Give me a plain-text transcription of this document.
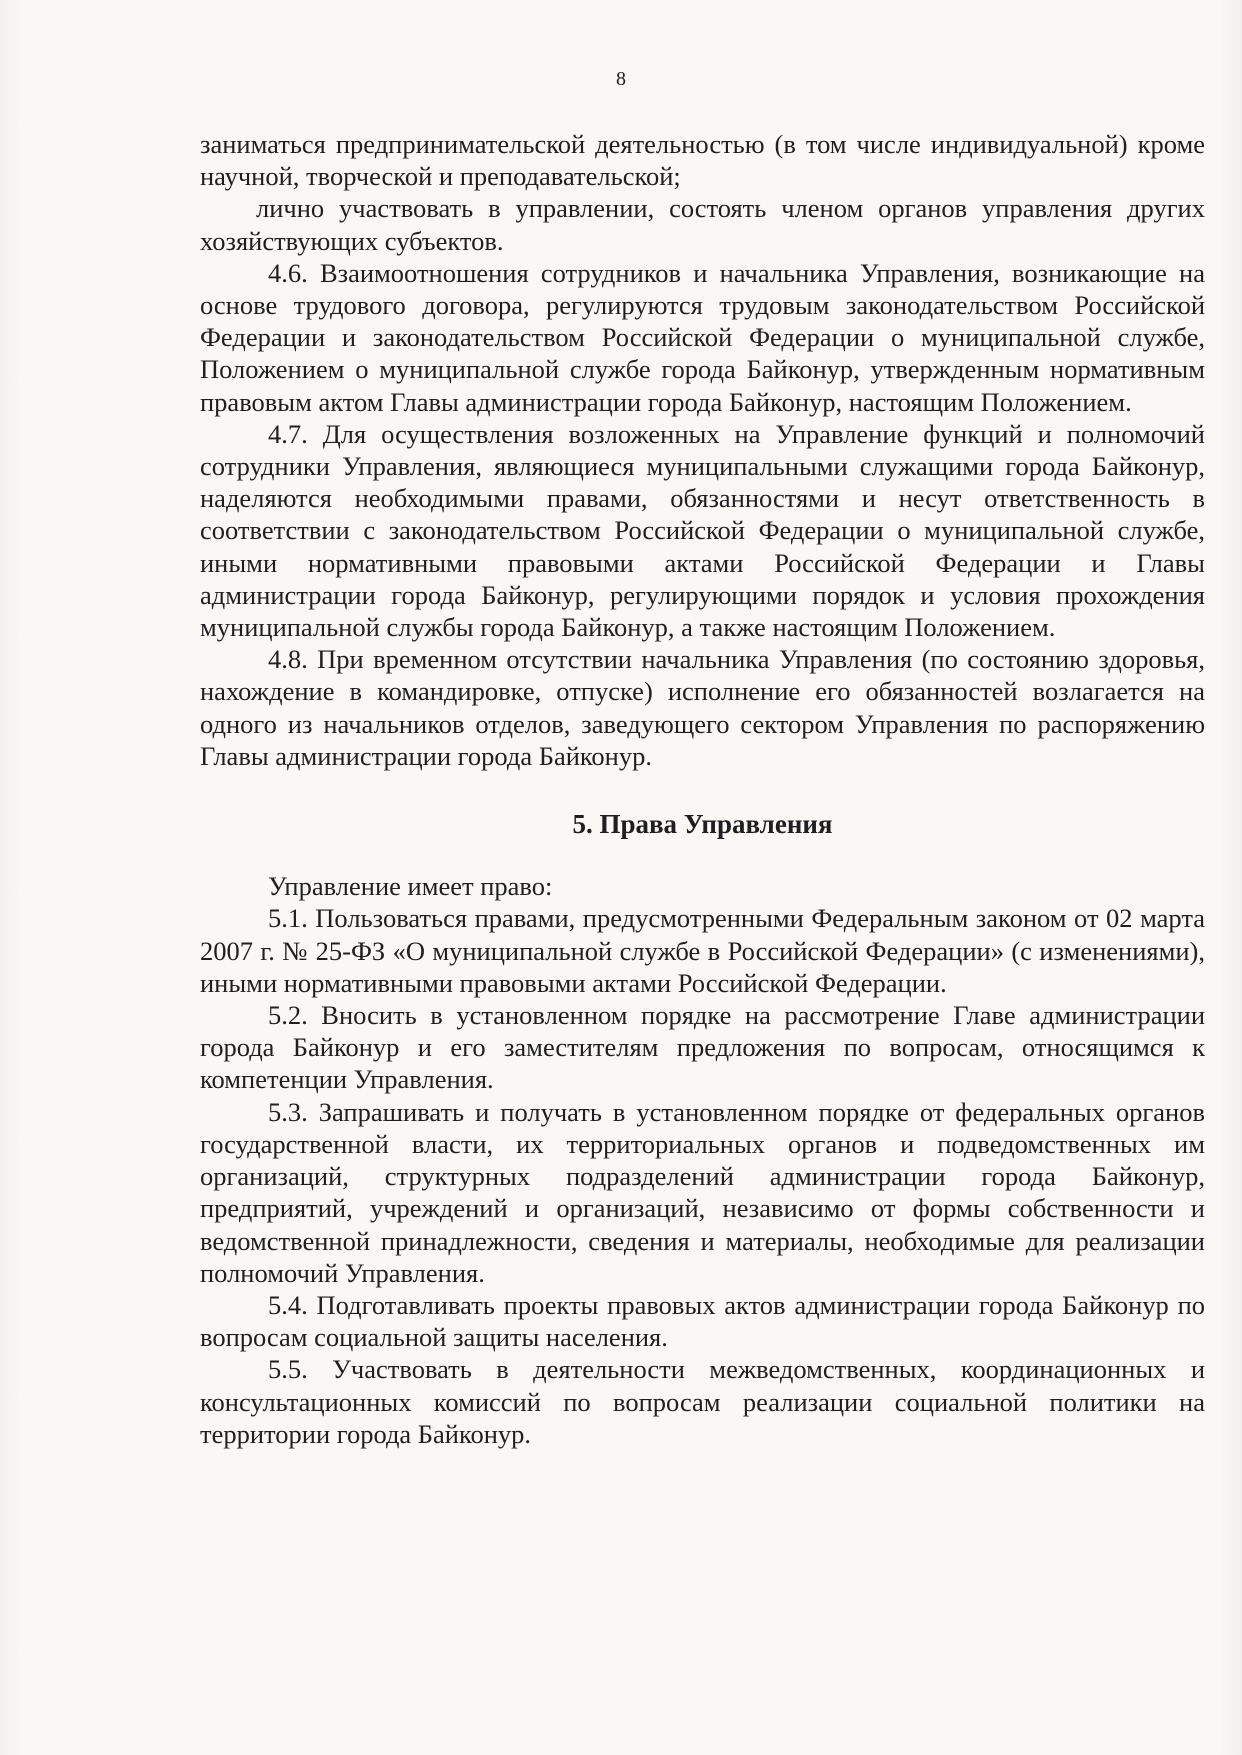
8

заниматься предпринимательской деятельностью (в том числе индивидуальной) кроме научной, творческой и преподавательской;

лично участвовать в управлении, состоять членом органов управления других хозяйствующих субъектов.

4.6. Взаимоотношения сотрудников и начальника Управления, возникающие на основе трудового договора, регулируются трудовым законодательством Российской Федерации и законодательством Российской Федерации о муниципальной службе, Положением о муниципальной службе города Байконур, утвержденным нормативным правовым актом Главы администрации города Байконур, настоящим Положением.

4.7. Для осуществления возложенных на Управление функций и полномочий сотрудники Управления, являющиеся муниципальными служащими города Байконур, наделяются необходимыми правами, обязанностями и несут ответственность в соответствии с законодательством Российской Федерации о муниципальной службе, иными нормативными правовыми актами Российской Федерации и Главы администрации города Байконур, регулирующими порядок и условия прохождения муниципальной службы города Байконур, а также настоящим Положением.

4.8. При временном отсутствии начальника Управления (по состоянию здоровья, нахождение в командировке, отпуске) исполнение его обязанностей возлагается на одного из начальников отделов, заведующего сектором Управления по распоряжению Главы администрации города Байконур.

5. Права Управления

Управление имеет право:

5.1. Пользоваться правами, предусмотренными Федеральным законом от 02 марта 2007 г. № 25-ФЗ «О муниципальной службе в Российской Федерации» (с изменениями), иными нормативными правовыми актами Российской Федерации.

5.2. Вносить в установленном порядке на рассмотрение Главе администрации города Байконур и его заместителям предложения по вопросам, относящимся к компетенции Управления.

5.3. Запрашивать и получать в установленном порядке от федеральных органов государственной власти, их территориальных органов и подведомственных им организаций, структурных подразделений администрации города Байконур, предприятий, учреждений и организаций, независимо от формы собственности и ведомственной принадлежности, сведения и материалы, необходимые для реализации полномочий Управления.

5.4. Подготавливать проекты правовых актов администрации города Байконур по вопросам социальной защиты населения.

5.5. Участвовать в деятельности межведомственных, координационных и консультационных комиссий по вопросам реализации социальной политики на территории города Байконур.
